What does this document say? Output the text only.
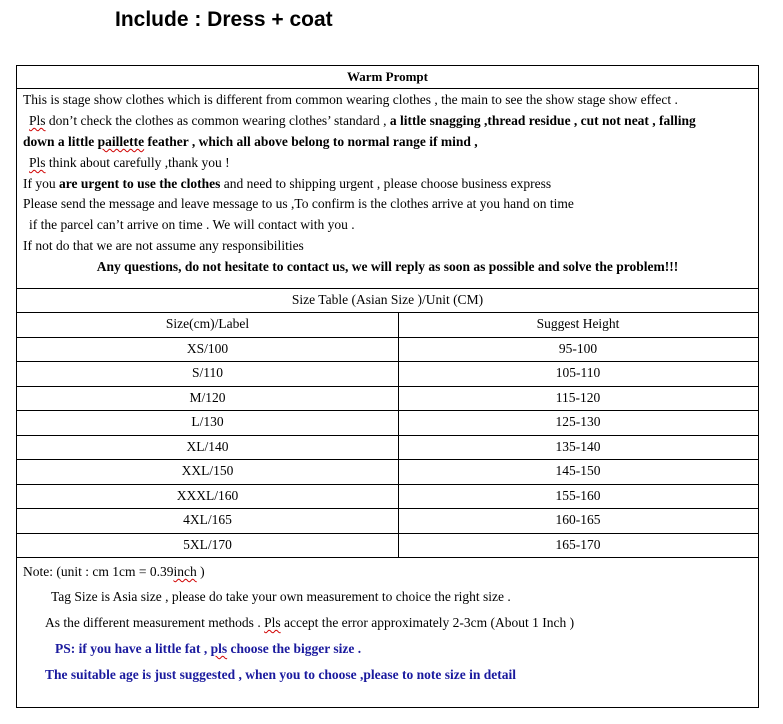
Include : Dress + coat
Warm Prompt
This is stage show clothes which is different from common wearing clothes , the main to see the show stage show effect .
Pls don’t check the clothes as common wearing clothes’ standard , a little snagging ,thread residue , cut not neat , falling
down a little paillette feather , which all above belong to normal range if mind ,
Pls think about carefully ,thank you !
If you are urgent to use the clothes and need to shipping urgent , please choose business express
Please send the message and leave message to us ,To confirm is the clothes arrive at you hand on time
if the parcel can’t arrive on time . We will contact with you .
If not do that we are not assume any responsibilities
Any questions, do not hesitate to contact us, we will reply as soon as possible and solve the problem!!!
Size Table (Asian Size )/Unit (CM)
Size(cm)/Label	Suggest Height
XS/100	95-100
S/110	105-110
M/120	115-120
L/130	125-130
XL/140	135-140
XXL/150	145-150
XXXL/160	155-160
4XL/165	160-165
5XL/170	165-170
Note: (unit : cm 1cm = 0.39inch )
Tag Size is Asia size , please do take your own measurement to choice the right size .
As the different measurement methods . Pls accept the error approximately 2-3cm (About 1 Inch )
PS: if you have a little fat , pls choose the bigger size .
The suitable age is just suggested , when you to choose ,please to note size in detail
